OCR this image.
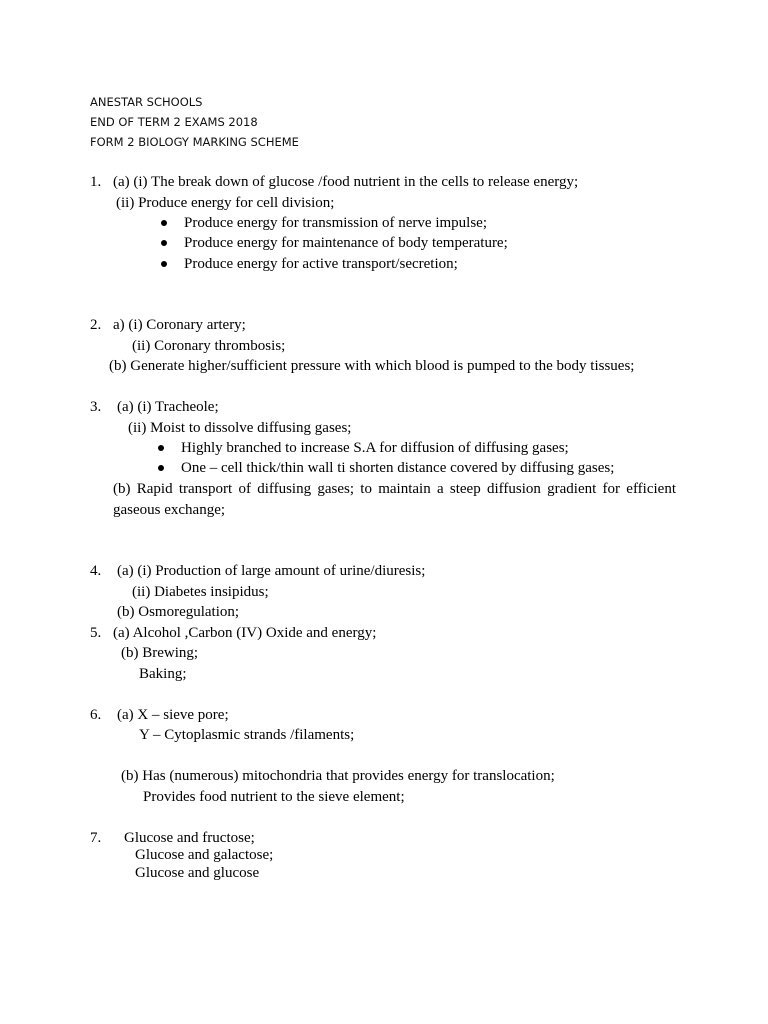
ANESTAR SCHOOLS
END OF TERM 2 EXAMS 2018
FORM 2 BIOLOGY MARKING SCHEME
1. (a) (i) The break down of glucose /food nutrient in the cells to release energy;
(ii) Produce energy for cell division;
Produce energy for transmission of nerve impulse;
Produce energy for maintenance of body temperature;
Produce energy for active transport/secretion;
2. a) (i) Coronary artery;
(ii) Coronary thrombosis;
(b) Generate higher/sufficient pressure with which blood is pumped to the body tissues;
3. (a) (i) Tracheole;
(ii) Moist to dissolve diffusing gases;
Highly branched to increase S.A for diffusion of diffusing gases;
One – cell thick/thin wall ti shorten distance covered by diffusing gases;
(b) Rapid transport of diffusing gases; to maintain a steep diffusion gradient for efficient gaseous exchange;
4. (a) (i) Production of large amount of urine/diuresis;
(ii) Diabetes insipidus;
(b) Osmoregulation;
5. (a) Alcohol ,Carbon (IV) Oxide and energy;
(b) Brewing;
Baking;
6. (a) X – sieve pore;
Y – Cytoplasmic strands /filaments;
(b) Has (numerous) mitochondria that provides energy for translocation;
Provides food nutrient to the sieve element;
7. Glucose and fructose;
Glucose and galactose;
Glucose and glucose
